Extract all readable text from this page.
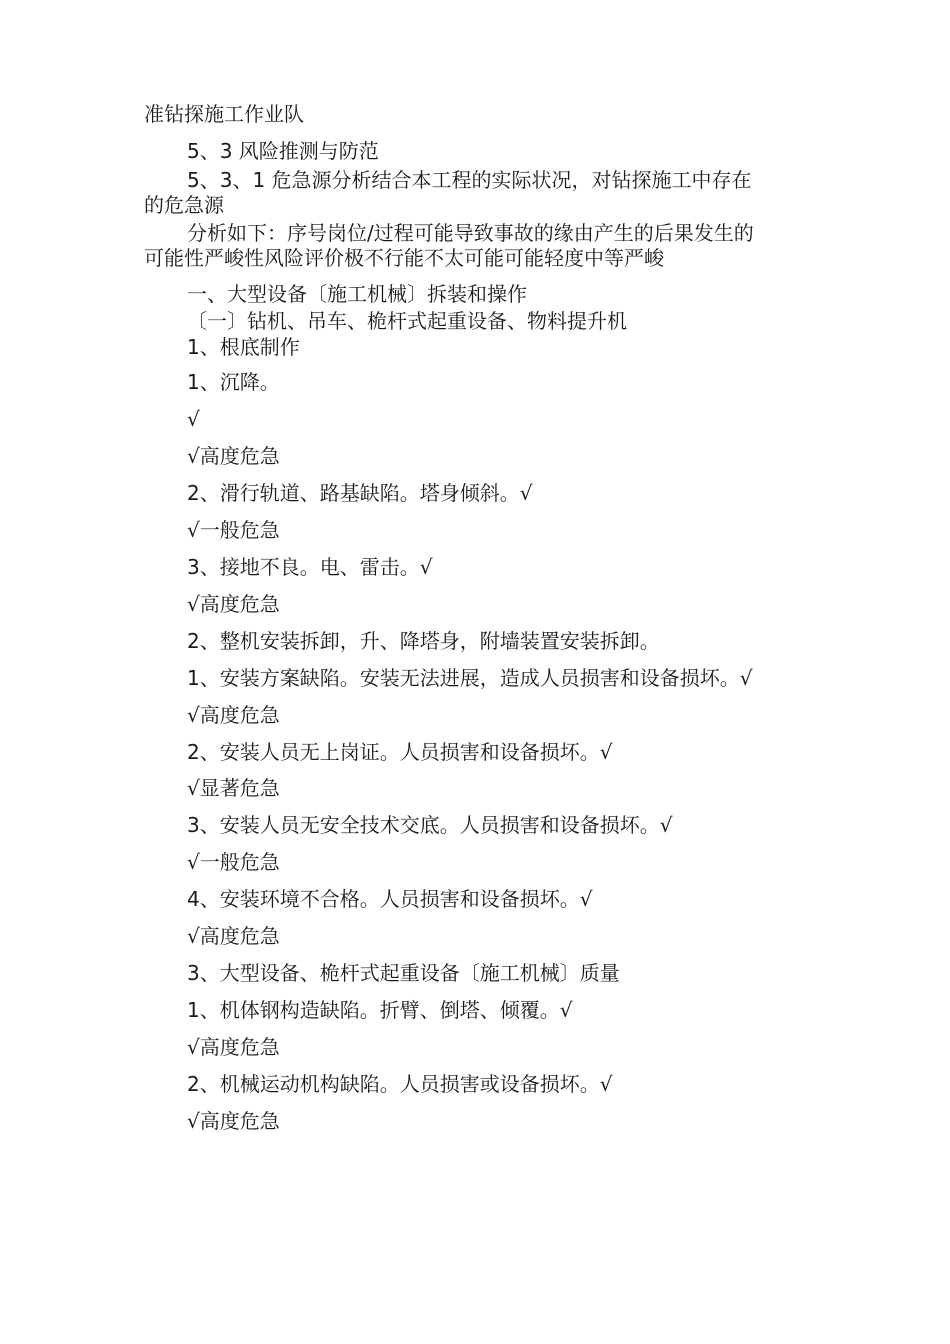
准钻探施工作业队
5、3 风险推测与防范
5、3、1 危急源分析结合本工程的实际状况，对钻探施工中存在
的危急源
分析如下：序号岗位/过程可能导致事故的缘由产生的后果发生的
可能性严峻性风险评价极不行能不太可能可能轻度中等严峻
一、大型设备〔施工机械〕拆装和操作
〔一〕钻机、吊车、桅杆式起重设备、物料提升机
1、根底制作
1、沉降。
√
√高度危急
2、滑行轨道、路基缺陷。塔身倾斜。√
√一般危急
3、接地不良。电、雷击。√
√高度危急
2、整机安装拆卸，升、降塔身，附墙装置安装拆卸。
1、安装方案缺陷。安装无法进展，造成人员损害和设备损坏。√
√高度危急
2、安装人员无上岗证。人员损害和设备损坏。√
√显著危急
3、安装人员无安全技术交底。人员损害和设备损坏。√
√一般危急
4、安装环境不合格。人员损害和设备损坏。√
√高度危急
3、大型设备、桅杆式起重设备〔施工机械〕质量
1、机体钢构造缺陷。折臂、倒塔、倾覆。√
√高度危急
2、机械运动机构缺陷。人员损害或设备损坏。√
√高度危急
